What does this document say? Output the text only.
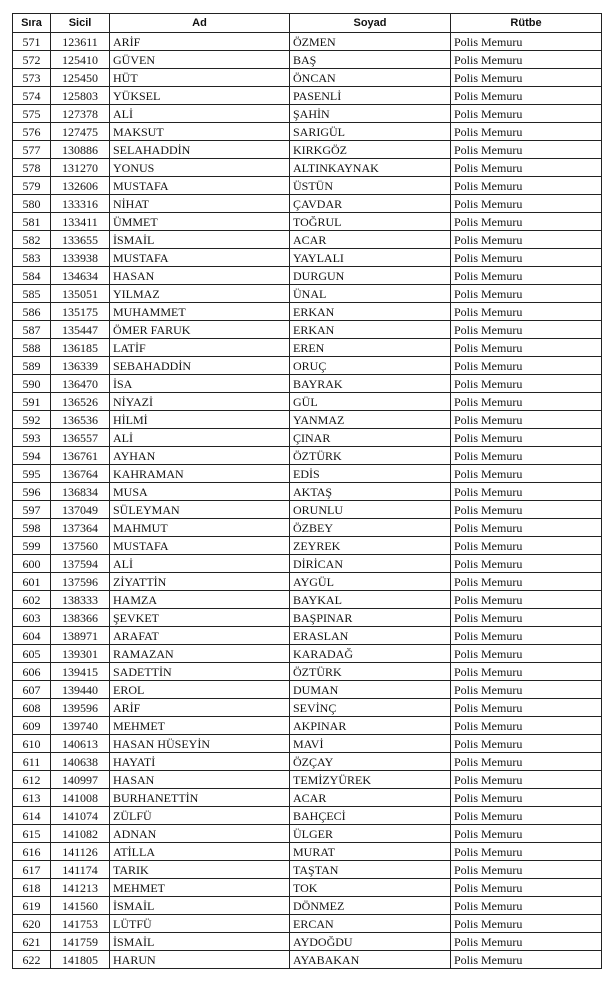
Sıra	Sicil	Ad	Soyad	Rütbe
571	123611	ARİF	ÖZMEN	Polis Memuru
572	125410	GÜVEN	BAŞ	Polis Memuru
573	125450	HÜT	ÖNCAN	Polis Memuru
574	125803	YÜKSEL	PASENLİ	Polis Memuru
575	127378	ALİ	ŞAHİN	Polis Memuru
576	127475	MAKSUT	SARIGÜL	Polis Memuru
577	130886	SELAHADDİN	KIRKGÖZ	Polis Memuru
578	131270	YONUS	ALTINKAYNAK	Polis Memuru
579	132606	MUSTAFA	ÜSTÜN	Polis Memuru
580	133316	NİHAT	ÇAVDAR	Polis Memuru
581	133411	ÜMMET	TOĞRUL	Polis Memuru
582	133655	İSMAİL	ACAR	Polis Memuru
583	133938	MUSTAFA	YAYLALI	Polis Memuru
584	134634	HASAN	DURGUN	Polis Memuru
585	135051	YILMAZ	ÜNAL	Polis Memuru
586	135175	MUHAMMET	ERKAN	Polis Memuru
587	135447	ÖMER FARUK	ERKAN	Polis Memuru
588	136185	LATİF	EREN	Polis Memuru
589	136339	SEBAHADDİN	ORUÇ	Polis Memuru
590	136470	İSA	BAYRAK	Polis Memuru
591	136526	NİYAZİ	GÜL	Polis Memuru
592	136536	HİLMİ	YANMAZ	Polis Memuru
593	136557	ALİ	ÇINAR	Polis Memuru
594	136761	AYHAN	ÖZTÜRK	Polis Memuru
595	136764	KAHRAMAN	EDİS	Polis Memuru
596	136834	MUSA	AKTAŞ	Polis Memuru
597	137049	SÜLEYMAN	ORUNLU	Polis Memuru
598	137364	MAHMUT	ÖZBEY	Polis Memuru
599	137560	MUSTAFA	ZEYREK	Polis Memuru
600	137594	ALİ	DİRİCAN	Polis Memuru
601	137596	ZİYATTİN	AYGÜL	Polis Memuru
602	138333	HAMZA	BAYKAL	Polis Memuru
603	138366	ŞEVKET	BAŞPINAR	Polis Memuru
604	138971	ARAFAT	ERASLAN	Polis Memuru
605	139301	RAMAZAN	KARADAĞ	Polis Memuru
606	139415	SADETTİN	ÖZTÜRK	Polis Memuru
607	139440	EROL	DUMAN	Polis Memuru
608	139596	ARİF	SEVİNÇ	Polis Memuru
609	139740	MEHMET	AKPINAR	Polis Memuru
610	140613	HASAN HÜSEYİN	MAVİ	Polis Memuru
611	140638	HAYATİ	ÖZÇAY	Polis Memuru
612	140997	HASAN	TEMİZYÜREK	Polis Memuru
613	141008	BURHANETTİN	ACAR	Polis Memuru
614	141074	ZÜLFÜ	BAHÇECİ	Polis Memuru
615	141082	ADNAN	ÜLGER	Polis Memuru
616	141126	ATİLLA	MURAT	Polis Memuru
617	141174	TARIK	TAŞTAN	Polis Memuru
618	141213	MEHMET	TOK	Polis Memuru
619	141560	İSMAİL	DÖNMEZ	Polis Memuru
620	141753	LÜTFÜ	ERCAN	Polis Memuru
621	141759	İSMAİL	AYDOĞDU	Polis Memuru
622	141805	HARUN	AYABAKAN	Polis Memuru
